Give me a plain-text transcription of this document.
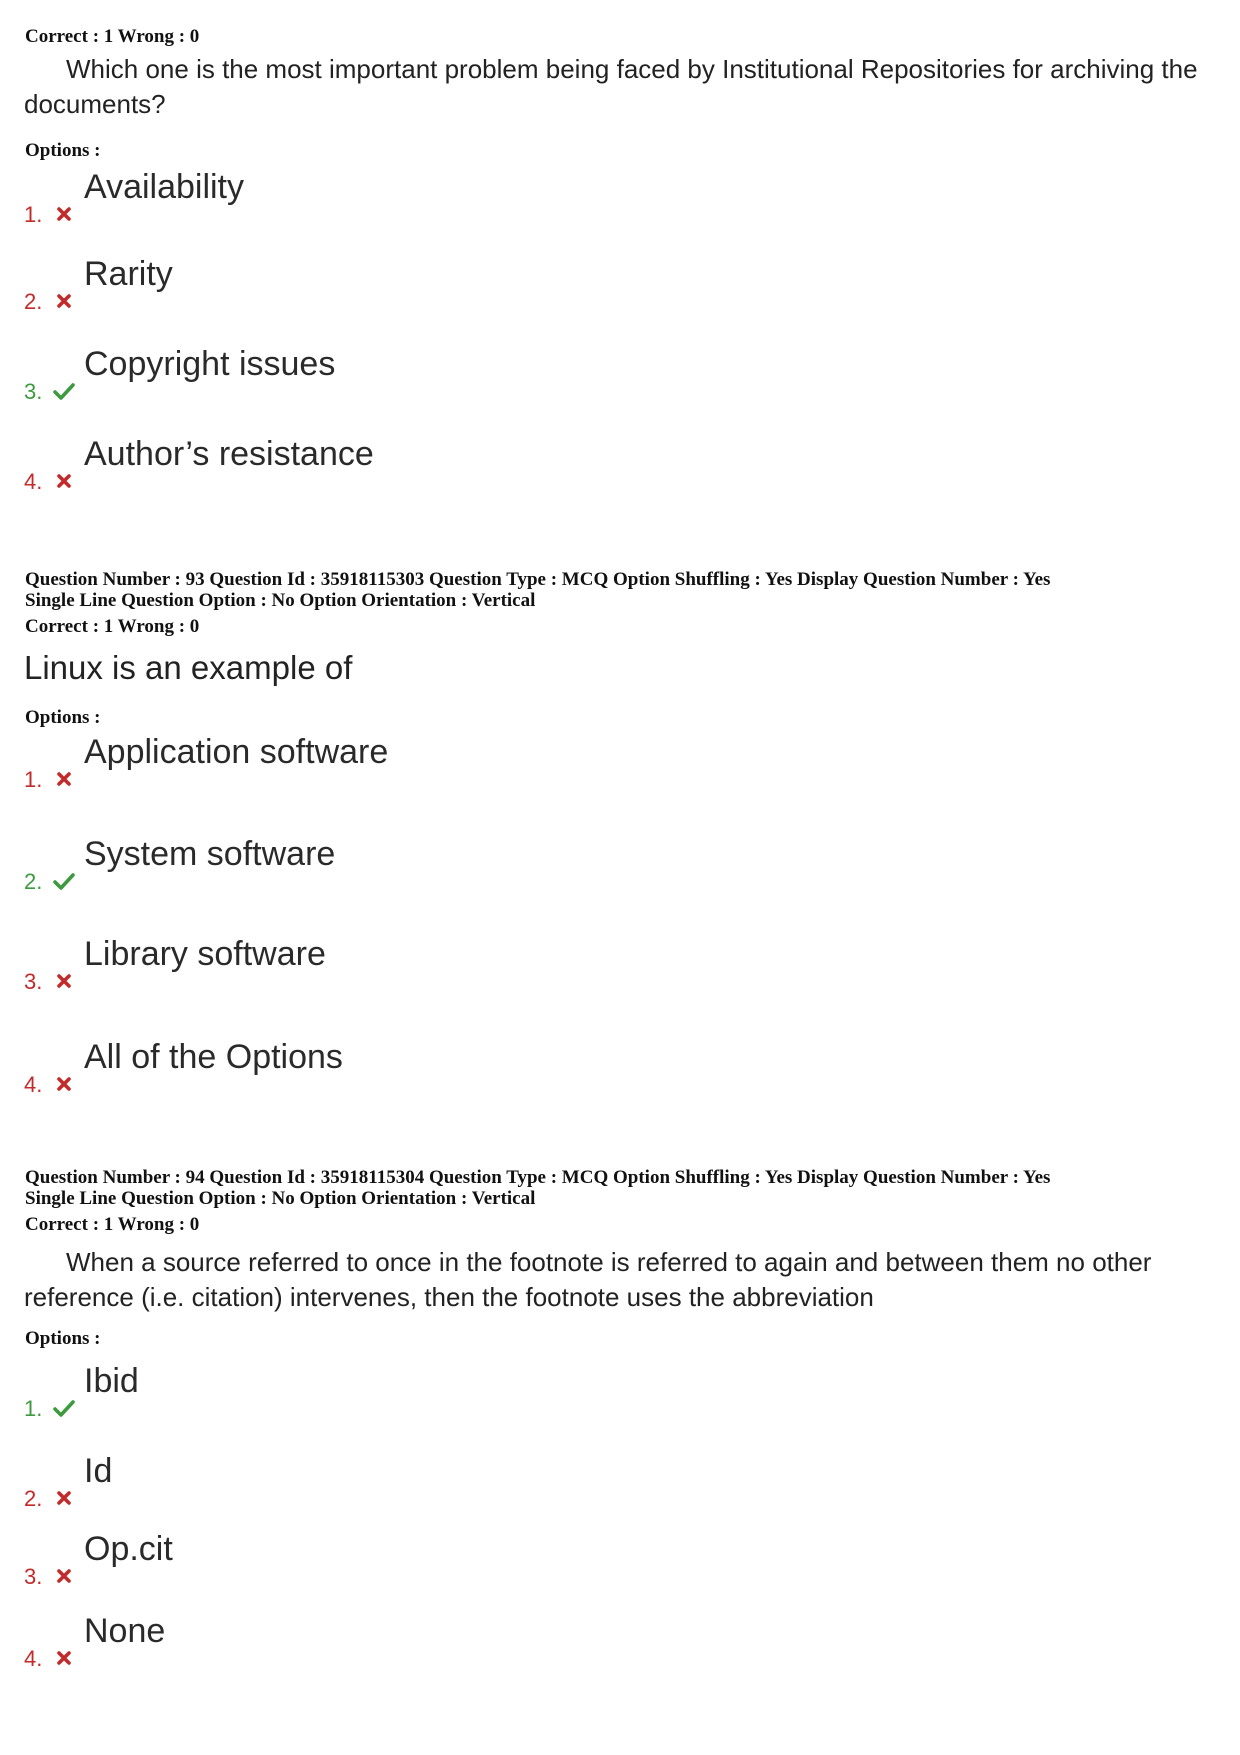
Correct : 1 Wrong : 0
Which one is the most important problem being faced by Institutional Repositories for archiving the documents?
Options :
Question Number : 93 Question Id : 35918115303 Question Type : MCQ Option Shuffling : Yes Display Question Number : Yes
Single Line Question Option : No Option Orientation : Vertical
Correct : 1 Wrong : 0
Linux is an example of
Options :
Question Number : 94 Question Id : 35918115304 Question Type : MCQ Option Shuffling : Yes Display Question Number : Yes
Single Line Question Option : No Option Orientation : Vertical
Correct : 1 Wrong : 0
When a source referred to once in the footnote is referred to again and between them no other reference (i.e. citation) intervenes, then the footnote uses the abbreviation
Options :
1.
Availability
2.
Rarity
3.
Copyright issues
4.
Author’s resistance
1.
Application software
2.
System software
3.
Library software
4.
All of the Options
1.
Ibid
2.
Id
3.
Op.cit
4.
None
